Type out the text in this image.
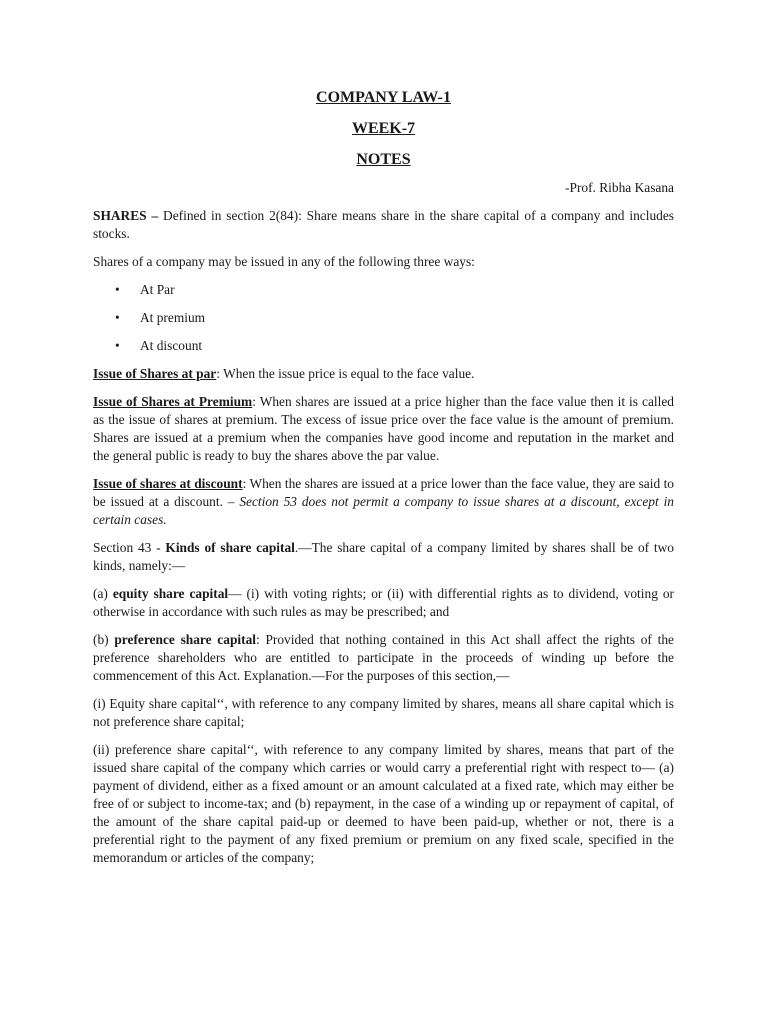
COMPANY LAW-1
WEEK-7
NOTES
-Prof. Ribha Kasana

SHARES – Defined in section 2(84): Share means share in the share capital of a company and includes stocks.

Shares of a company may be issued in any of the following three ways:

• At Par
• At premium
• At discount

Issue of Shares at par: When the issue price is equal to the face value.

Issue of Shares at Premium: When shares are issued at a price higher than the face value then it is called as the issue of shares at premium. The excess of issue price over the face value is the amount of premium. Shares are issued at a premium when the companies have good income and reputation in the market and

the general public is ready to buy the shares above the par value.

Issue of shares at discount: When the shares are issued at a price lower than the face value, they are said to be issued at a discount. – Section 53 does not permit a company to issue shares at a discount, except in certain cases.

Section 43 - Kinds of share capital.—The share capital of a company limited by shares shall be of two kinds, namely:—

(a) equity share capital— (i) with voting rights; or (ii) with differential rights as to dividend, voting or otherwise in accordance with such rules as may be prescribed; and

(b) preference share capital: Provided that nothing contained in this Act shall affect the rights of the preference shareholders who are entitled to participate in the proceeds of winding up before the commencement of this Act. Explanation.—For the purposes of this section,—

(i) Equity share capital‘‘, with reference to any company limited by shares, means all share capital which is not preference share capital;

(ii) preference share capital‘‘, with reference to any company limited by shares, means that part of the issued share capital of the company which carries or would carry a preferential right with respect to— (a) payment of dividend, either as a fixed amount or an amount calculated at a fixed rate, which may either be free of or subject to income-tax; and (b) repayment, in the case of a winding up or repayment of capital, of the amount of the share capital paid-up or deemed to have been paid-up, whether or not, there is a preferential right to the payment of any fixed premium or premium on any fixed scale, specified in the memorandum or articles of the company;
